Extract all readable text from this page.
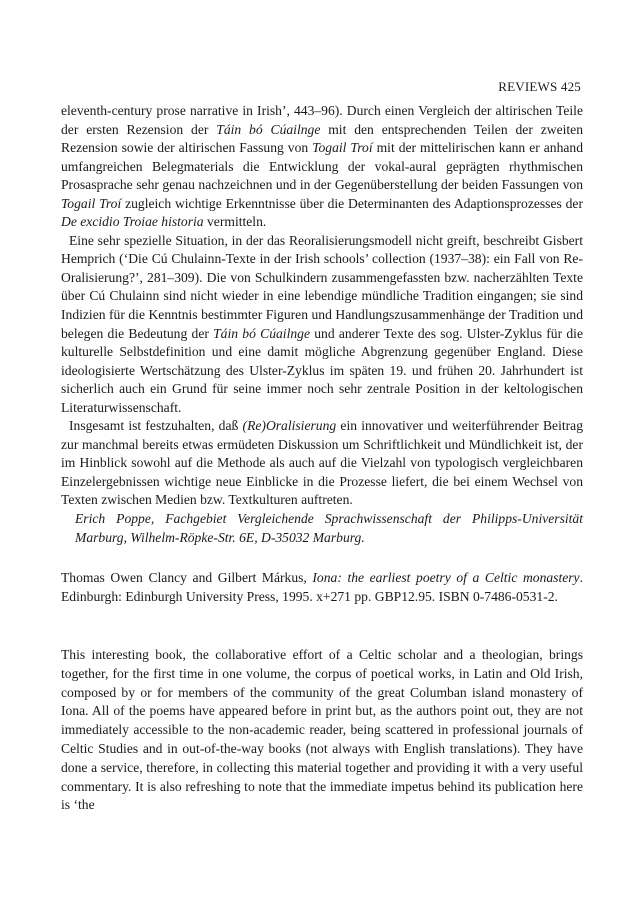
REVIEWS 425

eleventh-century prose narrative in Irish’, 443–96). Durch einen Vergleich der altirischen Teile der ersten Rezension der Táin bó Cúailnge mit den entsprechenden Teilen der zweiten Rezension sowie der altirischen Fassung von Togail Troí mit der mittelirischen kann er anhand umfangreichen Belegmaterials die Entwicklung der vokal-aural geprägten rhythmischen Prosasprache sehr genau nachzeichnen und in der Gegenüberstellung der beiden Fassungen von Togail Troí zugleich wichtige Erkenntnisse über die Determinanten des Adaptionsprozesses der De excidio Troiae historia vermitteln.

Eine sehr spezielle Situation, in der das Reoralisierungsmodell nicht greift, beschreibt Gisbert Hemprich (‘Die Cú Chulainn-Texte in der Irish schools’ collection (1937–38): ein Fall von Re-Oralisierung?’, 281–309). Die von Schulkindern zusammengefassten bzw. nacherzählten Texte über Cú Chulainn sind nicht wieder in eine lebendige mündliche Tradition eingangen; sie sind Indizien für die Kenntnis bestimmter Figuren und Handlungszusammenhänge der Tradition und belegen die Bedeutung der Táin bó Cúailnge und anderer Texte des sog. Ulster-Zyklus für die kulturelle Selbstdefinition und eine damit mögliche Abgrenzung gegenüber England. Diese ideologisierte Wertschätzung des Ulster-Zyklus im späten 19. und frühen 20. Jahrhundert ist sicherlich auch ein Grund für seine immer noch sehr zentrale Position in der keltologischen Literaturwissenschaft.

Insgesamt ist festzuhalten, daß (Re)Oralisierung ein innovativer und weiterführender Beitrag zur manchmal bereits etwas ermüdeten Diskussion um Schriftlichkeit und Mündlichkeit ist, der im Hinblick sowohl auf die Methode als auch auf die Vielzahl von typologisch vergleichbaren Einzelergebnissen wichtige neue Einblicke in die Prozesse liefert, die bei einem Wechsel von Texten zwischen Medien bzw. Textkulturen auftreten.

Erich Poppe, Fachgebiet Vergleichende Sprachwissenschaft der Philipps-Universität Marburg, Wilhelm-Röpke-Str. 6E, D-35032 Marburg.

Thomas Owen Clancy and Gilbert Márkus, Iona: the earliest poetry of a Celtic monastery. Edinburgh: Edinburgh University Press, 1995. x+271 pp. GBP12.95. ISBN 0-7486-0531-2.

This interesting book, the collaborative effort of a Celtic scholar and a theologian, brings together, for the first time in one volume, the corpus of poetical works, in Latin and Old Irish, composed by or for members of the community of the great Columban island monastery of Iona. All of the poems have appeared before in print but, as the authors point out, they are not immediately accessible to the non-academic reader, being scattered in professional journals of Celtic Studies and in out-of-the-way books (not always with English translations). They have done a service, therefore, in collecting this material together and providing it with a very useful commentary. It is also refreshing to note that the immediate impetus behind its publication here is ‘the
